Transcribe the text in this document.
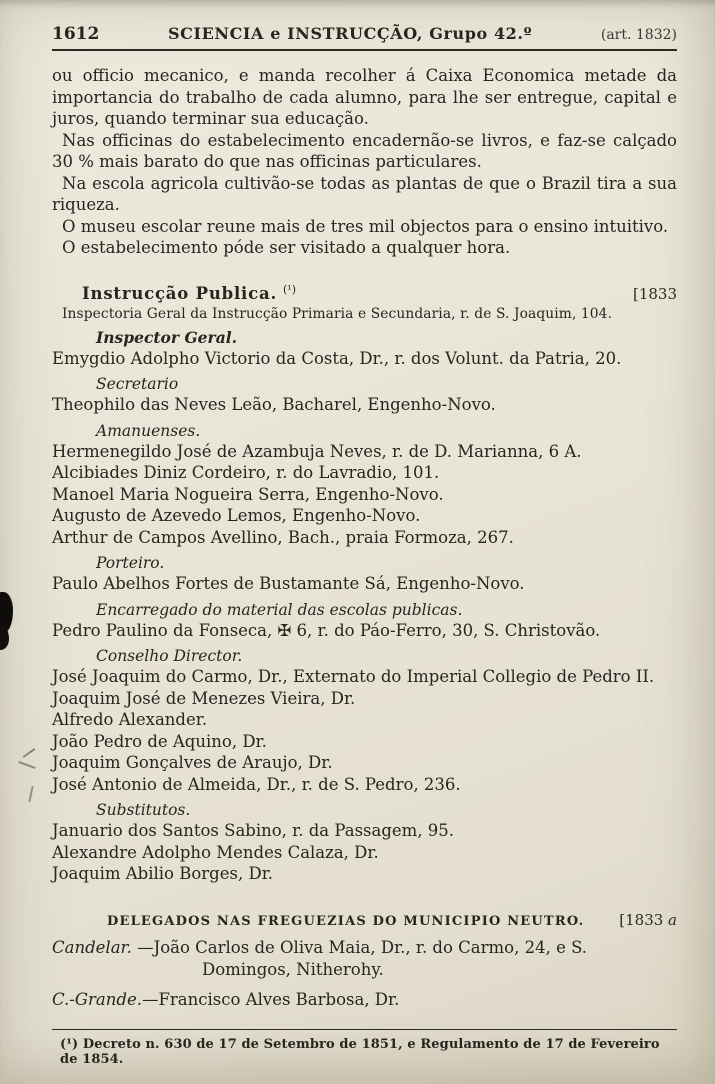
1612	SCIENCIA e INSTRUCÇÃO, Grupo 42.º	(art. 1832)

ou officio mecanico, e manda recolher á Caixa Economica metade da importancia do trabalho de cada alumno, para lhe ser entregue, capital e juros, quando terminar sua educação.

Nas officinas do estabelecimento encadernão-se livros, e faz-se calçado 30 % mais barato do que nas officinas particulares.

Na escola agricola cultivão-se todas as plantas de que o Brazil tira a sua riqueza.

O museu escolar reune mais de tres mil objectos para o ensino intuitivo.

O estabelecimento póde ser visitado a qualquer hora.

Instrucção Publica. $^{(^1)}$	[1833
Inspectoria Geral da Instrucção Primaria e Secundaria, r. de S. Joaquim, 104.
Inspector Geral.
Emygdio Adolpho Victorio da Costa, Dr., r. dos Volunt. da Patria, 20.
Secretario
Theophilo das Neves Leão, Bacharel, Engenho-Novo.
Amanuenses.
Hermenegildo José de Azambuja Neves, r. de D. Marianna, 6 A.
Alcibiades Diniz Cordeiro, r. do Lavradio, 101.
Manoel Maria Nogueira Serra, Engenho-Novo.
Augusto de Azevedo Lemos, Engenho-Novo.
Arthur de Campos Avellino, Bach., praia Formoza, 267.
Porteiro.
Paulo Abelhos Fortes de Bustamante Sá, Engenho-Novo.
Encarregado do material das escolas publicas.
Pedro Paulino da Fonseca, ✠ 6, r. do Páo-Ferro, 30, S. Christovão.
Conselho Director.
José Joaquim do Carmo, Dr., Externato do Imperial Collegio de Pedro II.
Joaquim José de Menezes Vieira, Dr.
Alfredo Alexander.
João Pedro de Aquino, Dr.
Joaquim Gonçalves de Araujo, Dr.
José Antonio de Almeida, Dr., r. de S. Pedro, 236.
Substitutos.
Januario dos Santos Sabino, r. da Passagem, 95.
Alexandre Adolpho Mendes Calaza, Dr.
Joaquim Abilio Borges, Dr.
DELEGADOS NAS FREGUEZIAS DO MUNICIPIO NEUTRO. [1833 a
Candelar. —João Carlos de Oliva Maia, Dr., r. do Carmo, 24, e S.
Domingos, Nitherohy.
C.-Grande.—Francisco Alves Barbosa, Dr.
(¹) Decreto n. 630 de 17 de Setembro de 1851, e Regulamento de 17 de Fevereiro de 1854.
